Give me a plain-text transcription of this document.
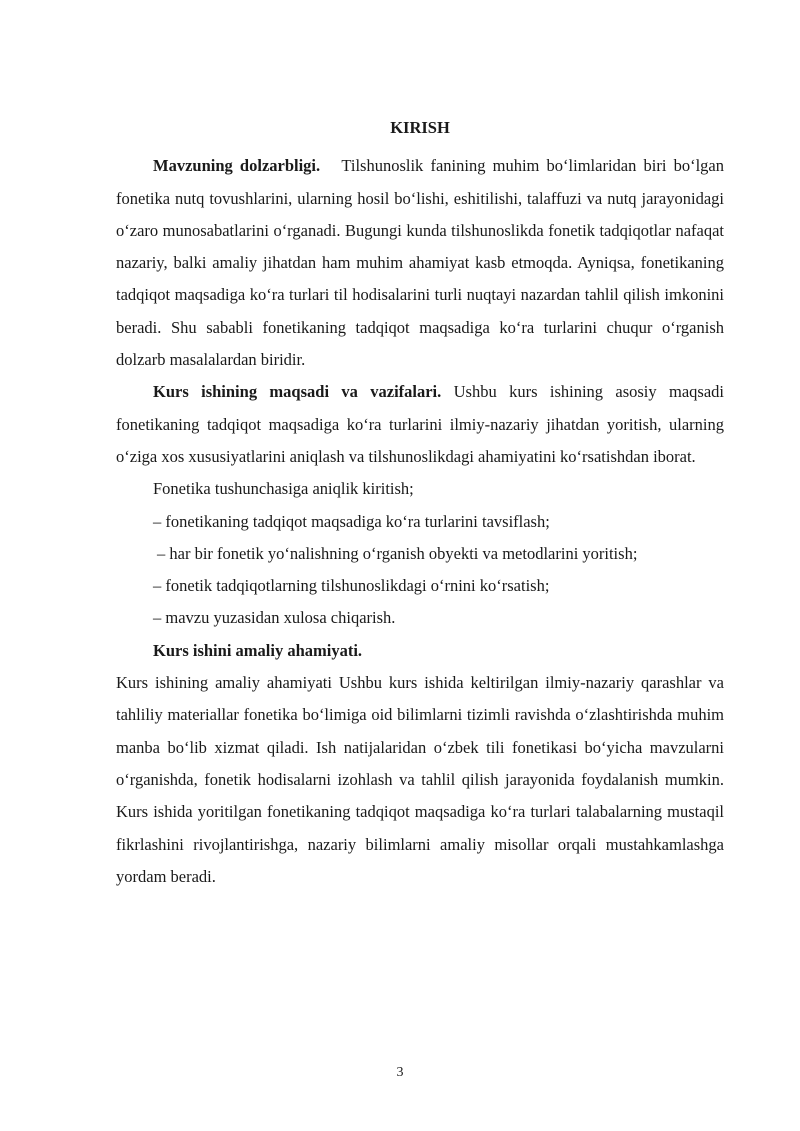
KIRISH

Mavzuning dolzarbligi. Tilshunoslik fanining muhim boʻlimlaridan biri boʻlgan fonetika nutq tovushlarini, ularning hosil boʻlishi, eshitilishi, talaffuzi va nutq jarayonidagi oʻzaro munosabatlarini oʻrganadi. Bugungi kunda tilshunoslikda fonetik tadqiqotlar nafaqat nazariy, balki amaliy jihatdan ham muhim ahamiyat kasb etmoqda. Ayniqsa, fonetikaning tadqiqot maqsadiga koʻra turlari til hodisalarini turli nuqtayi nazardan tahlil qilish imkonini beradi. Shu sababli fonetikaning tadqiqot maqsadiga koʻra turlarini chuqur oʻrganish dolzarb masalalardan biridir.

Kurs ishining maqsadi va vazifalari. Ushbu kurs ishining asosiy maqsadi fonetikaning tadqiqot maqsadiga koʻra turlarini ilmiy-nazariy jihatdan yoritish, ularning oʻziga xos xususiyatlarini aniqlash va tilshunoslikdagi ahamiyatini koʻrsatishdan iborat.

Fonetika tushunchasiga aniqlik kiritish;

– fonetikaning tadqiqot maqsadiga koʻra turlarini tavsiflash;

– har bir fonetik yoʻnalishning oʻrganish obyekti va metodlarini yoritish;

– fonetik tadqiqotlarning tilshunoslikdagi oʻrnini koʻrsatish;

– mavzu yuzasidan xulosa chiqarish.

Kurs ishini amaliy ahamiyati.

Kurs ishining amaliy ahamiyati Ushbu kurs ishida keltirilgan ilmiy-nazariy qarashlar va tahliliy materiallar fonetika boʻlimiga oid bilimlarni tizimli ravishda oʻzlashtirishda muhim manba boʻlib xizmat qiladi. Ish natijalaridan oʻzbek tili fonetikasi boʻyicha mavzularni oʻrganishda, fonetik hodisalarni izohlash va tahlil qilish jarayonida foydalanish mumkin. Kurs ishida yoritilgan fonetikaning tadqiqot maqsadiga koʻra turlari talabalarning mustaqil fikrlashini rivojlantirishga, nazariy bilimlarni amaliy misollar orqali mustahkamlashga yordam beradi.

3
